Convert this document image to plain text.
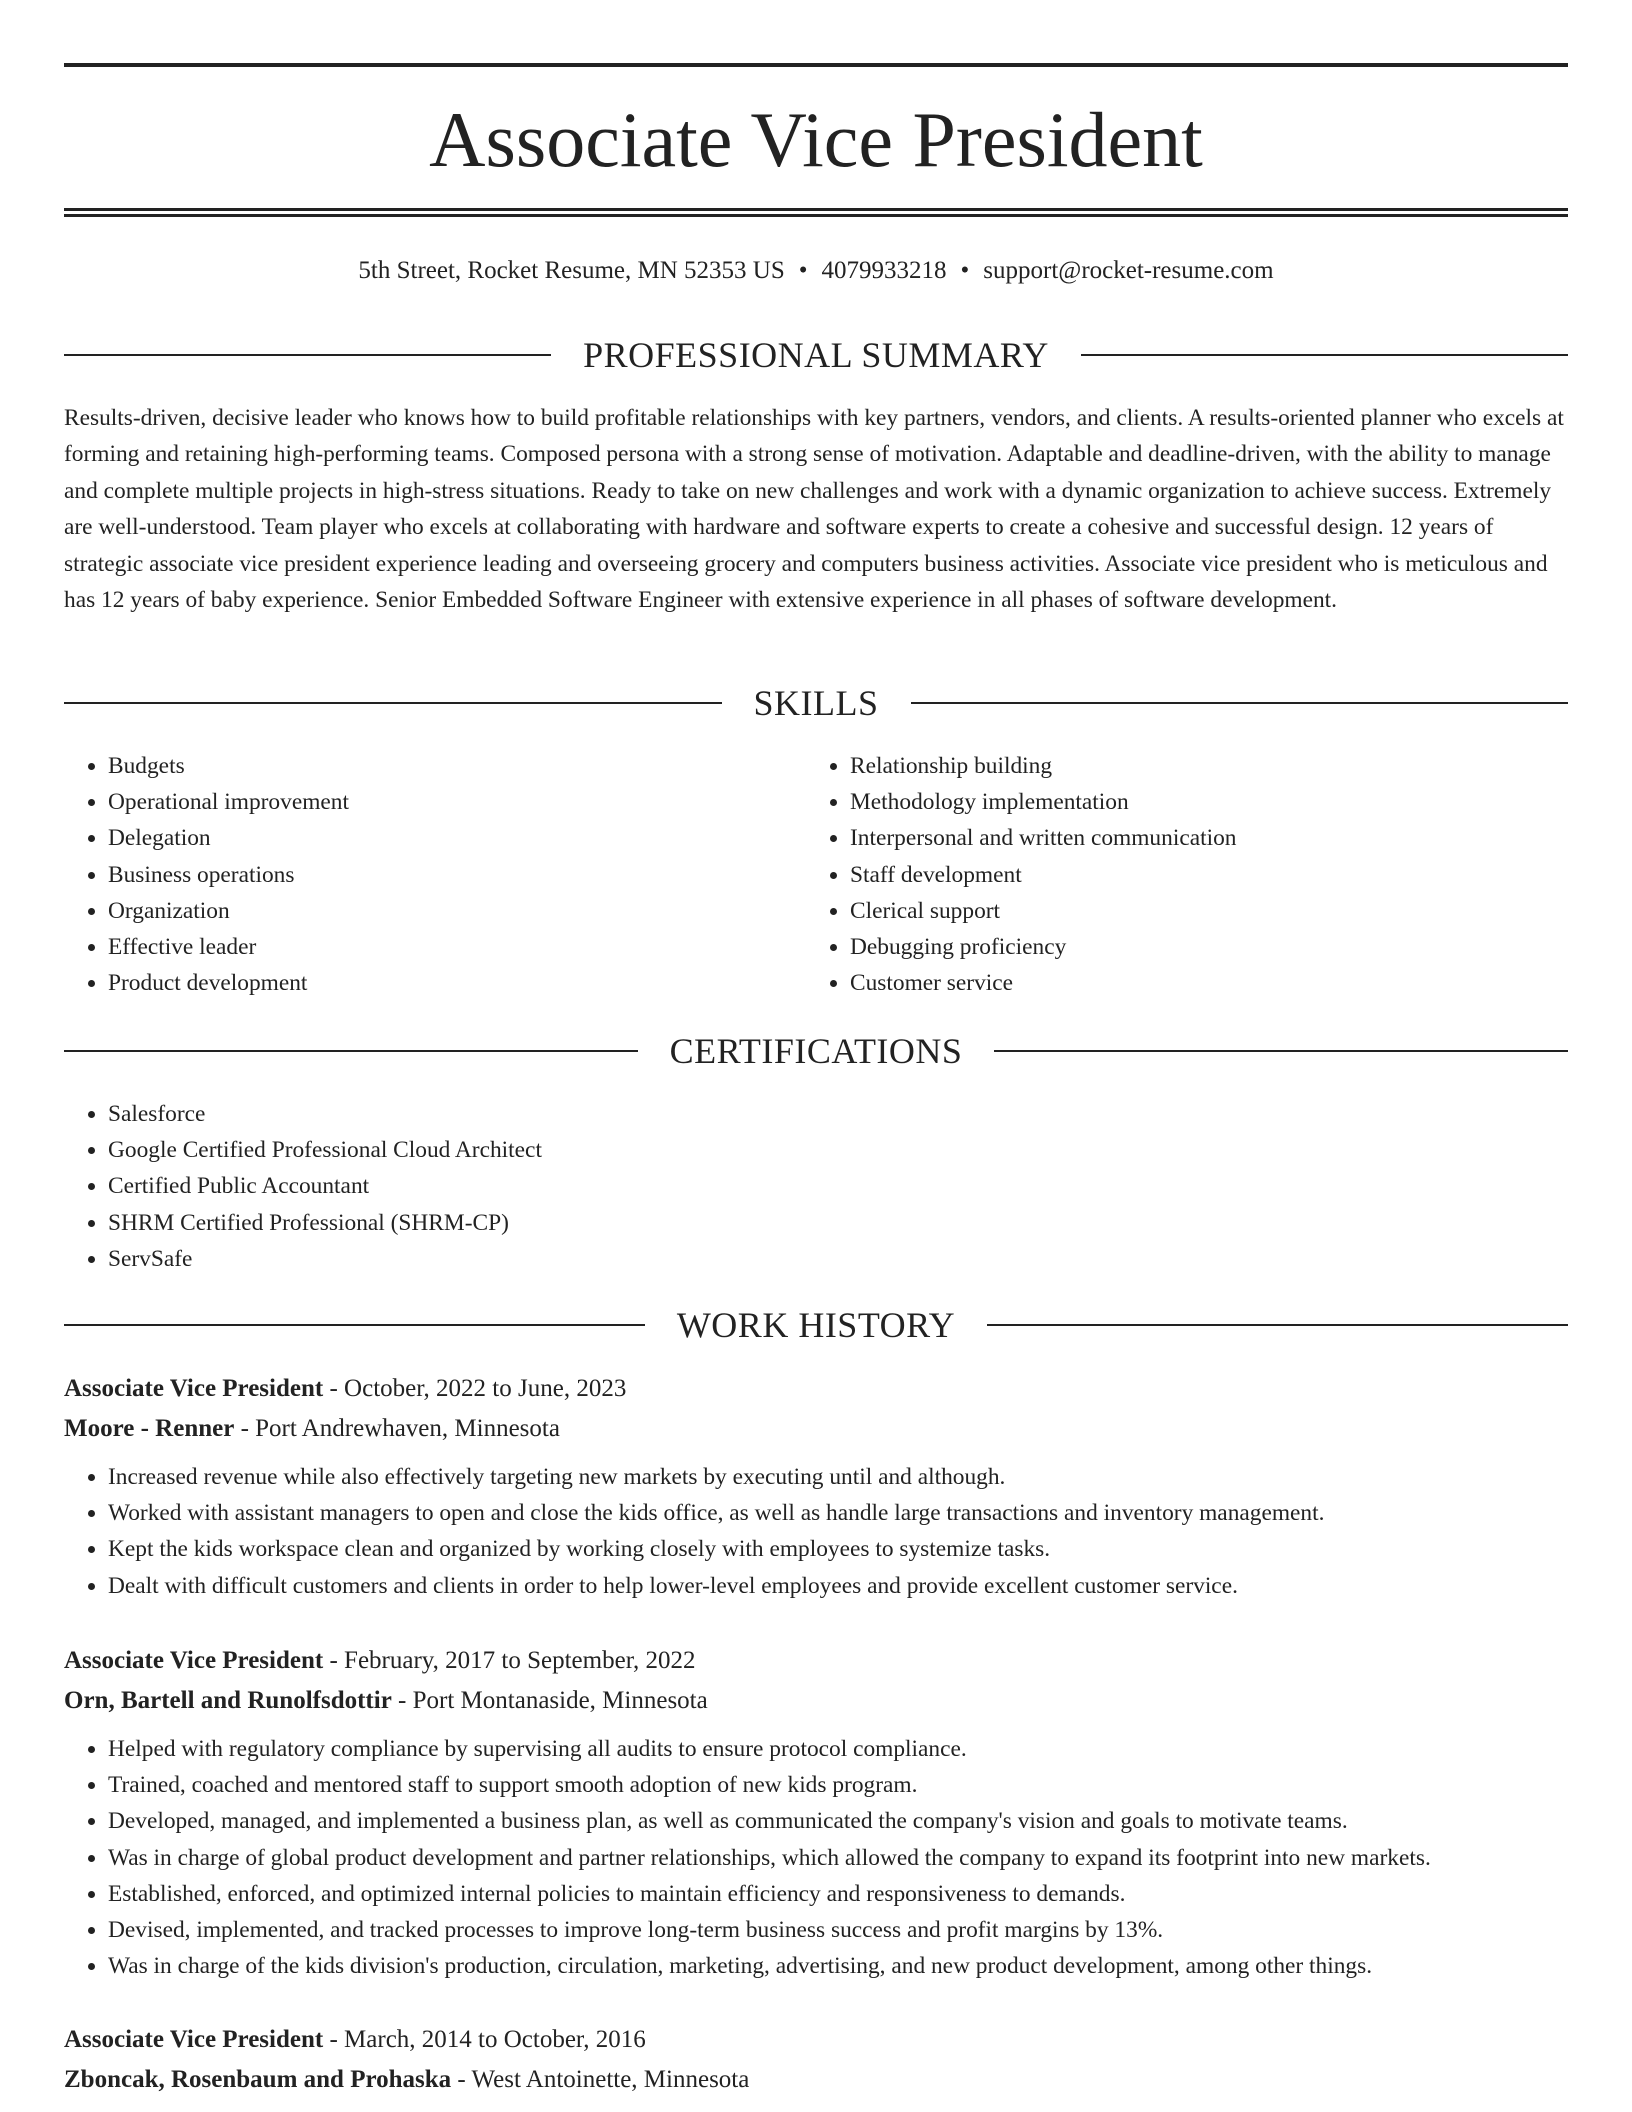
Associate Vice President
5th Street, Rocket Resume, MN 52353 US • 4079933218 • support@rocket-resume.com
PROFESSIONAL SUMMARY

Results-driven, decisive leader who knows how to build profitable relationships with key partners, vendors, and clients. A results-oriented planner who excels at forming and retaining high-performing teams. Composed persona with a strong sense of motivation. Adaptable and deadline-driven, with the ability to manage and complete multiple projects in high-stress situations. Ready to take on new challenges and work with a dynamic organization to achieve success. Extremely are well-understood. Team player who excels at collaborating with hardware and software experts to create a cohesive and successful design. 12 years of strategic associate vice president experience leading and overseeing grocery and computers business activities. Associate vice president who is meticulous and has 12 years of baby experience. Senior Embedded Software Engineer with extensive experience in all phases of software development.

SKILLS
• Budgets
• Operational improvement
• Delegation
• Business operations
• Organization
• Effective leader
• Product development
• Relationship building
• Methodology implementation
• Interpersonal and written communication
• Staff development
• Clerical support
• Debugging proficiency
• Customer service
CERTIFICATIONS
• Salesforce
• Google Certified Professional Cloud Architect
• Certified Public Accountant
• SHRM Certified Professional (SHRM-CP)
• ServSafe
WORK HISTORY
Associate Vice President - October, 2022 to June, 2023
Moore - Renner - Port Andrewhaven, Minnesota
• Increased revenue while also effectively targeting new markets by executing until and although.
• Worked with assistant managers to open and close the kids office, as well as handle large transactions and inventory management.
• Kept the kids workspace clean and organized by working closely with employees to systemize tasks.
• Dealt with difficult customers and clients in order to help lower-level employees and provide excellent customer service.
Associate Vice President - February, 2017 to September, 2022
Orn, Bartell and Runolfsdottir - Port Montanaside, Minnesota
• Helped with regulatory compliance by supervising all audits to ensure protocol compliance.
• Trained, coached and mentored staff to support smooth adoption of new kids program.
• Developed, managed, and implemented a business plan, as well as communicated the company's vision and goals to motivate teams.
• Was in charge of global product development and partner relationships, which allowed the company to expand its footprint into new markets.
• Established, enforced, and optimized internal policies to maintain efficiency and responsiveness to demands.
• Devised, implemented, and tracked processes to improve long-term business success and profit margins by 13%.
• Was in charge of the kids division's production, circulation, marketing, advertising, and new product development, among other things.
Associate Vice President - March, 2014 to October, 2016
Zboncak, Rosenbaum and Prohaska - West Antoinette, Minnesota
